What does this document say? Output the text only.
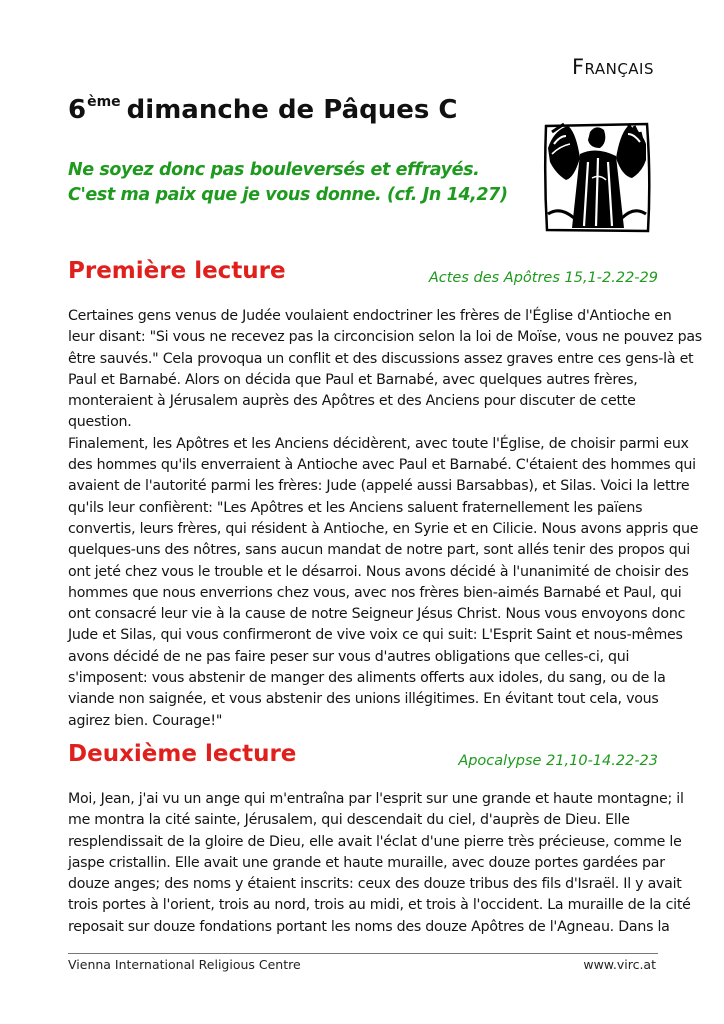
Français
6ème dimanche de Pâques C
Ne soyez donc pas bouleversés et effrayés.
C'est ma paix que je vous donne. (cf. Jn 14,27)
Première lecture	Actes des Apôtres 15,1-2.22-29
Certaines gens venus de Judée voulaient endoctriner les frères de l'Église d'Antioche en
leur disant: "Si vous ne recevez pas la circoncision selon la loi de Moïse, vous ne pouvez pas
être sauvés." Cela provoqua un conflit et des discussions assez graves entre ces gens-là et
Paul et Barnabé. Alors on décida que Paul et Barnabé, avec quelques autres frères,
monteraient à Jérusalem auprès des Apôtres et des Anciens pour discuter de cette
question.
Finalement, les Apôtres et les Anciens décidèrent, avec toute l'Église, de choisir parmi eux
des hommes qu'ils enverraient à Antioche avec Paul et Barnabé. C'étaient des hommes qui
avaient de l'autorité parmi les frères: Jude (appelé aussi Barsabbas), et Silas. Voici la lettre
qu'ils leur confièrent: "Les Apôtres et les Anciens saluent fraternellement les païens
convertis, leurs frères, qui résident à Antioche, en Syrie et en Cilicie. Nous avons appris que
quelques-uns des nôtres, sans aucun mandat de notre part, sont allés tenir des propos qui
ont jeté chez vous le trouble et le désarroi. Nous avons décidé à l'unanimité de choisir des
hommes que nous enverrions chez vous, avec nos frères bien-aimés Barnabé et Paul, qui
ont consacré leur vie à la cause de notre Seigneur Jésus Christ. Nous vous envoyons donc
Jude et Silas, qui vous confirmeront de vive voix ce qui suit: L'Esprit Saint et nous-mêmes
avons décidé de ne pas faire peser sur vous d'autres obligations que celles-ci, qui
s'imposent: vous abstenir de manger des aliments offerts aux idoles, du sang, ou de la
viande non saignée, et vous abstenir des unions illégitimes. En évitant tout cela, vous
agirez bien. Courage!"
Deuxième lecture	Apocalypse 21,10-14.22-23
Moi, Jean, j'ai vu un ange qui m'entraîna par l'esprit sur une grande et haute montagne; il
me montra la cité sainte, Jérusalem, qui descendait du ciel, d'auprès de Dieu. Elle
resplendissait de la gloire de Dieu, elle avait l'éclat d'une pierre très précieuse, comme le
jaspe cristallin. Elle avait une grande et haute muraille, avec douze portes gardées par
douze anges; des noms y étaient inscrits: ceux des douze tribus des fils d'Israël. Il y avait
trois portes à l'orient, trois au nord, trois au midi, et trois à l'occident. La muraille de la cité
reposait sur douze fondations portant les noms des douze Apôtres de l'Agneau. Dans la
Vienna International Religious Centre	www.virc.at
